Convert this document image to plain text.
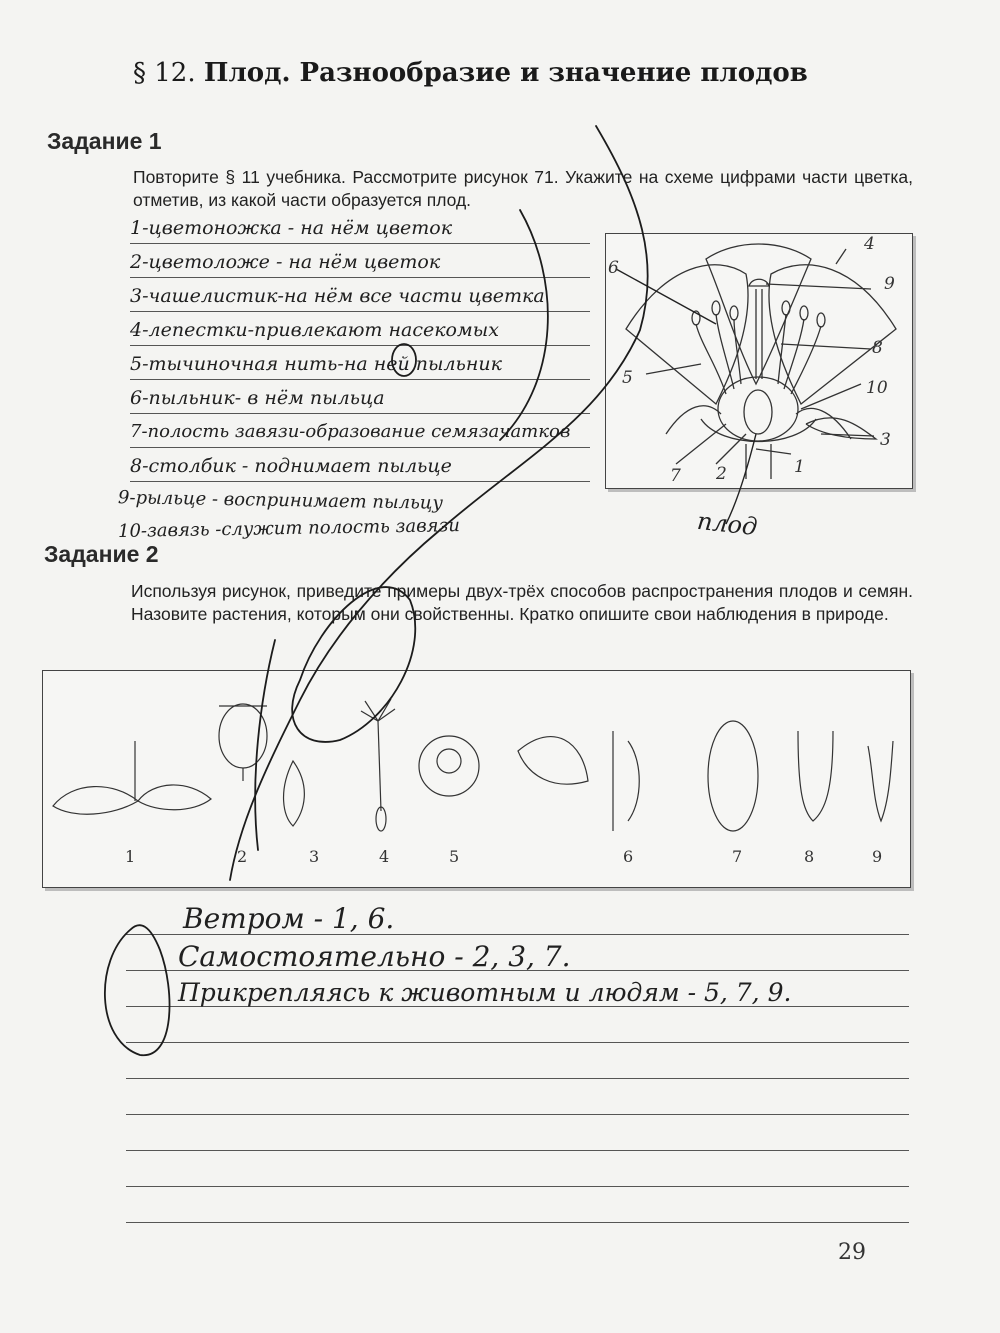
§ 12. Плод. Разнообразие и значение плодов
Задание 1
Повторите § 11 учебника. Рассмотрите рисунок 71. Укажите на схеме цифрами части цветка, отметив, из какой части образуется плод.
1-цветоножка - на нём цветок
2-цветоложе - на нём цветок
3-чашелистик-на нём все части цветка
4-лепестки-привлекают насекомых
5-тычиночная нить-на ней пыльник
6-пыльник- в нём пыльца
7-полость завязи-образование семязачатков
8-столбик - поднимает пыльце
9-рыльце - воспринимает пыльцу
10-завязь -служит полость завязи
1
2
3
4
5
6
7
8
9
10
плод
Задание 2
Используя рисунок, приведите примеры двух-трёх способов распространения плодов и семян. Назовите растения, которым они свойственны. Кратко опишите свои наблюдения в природе.
1	2	3	4	5	6	7	8	9
Ветром - 1, 6.
Самостоятельно - 2, 3, 7.
Прикрепляясь к животным и людям - 5, 7, 9.
29
